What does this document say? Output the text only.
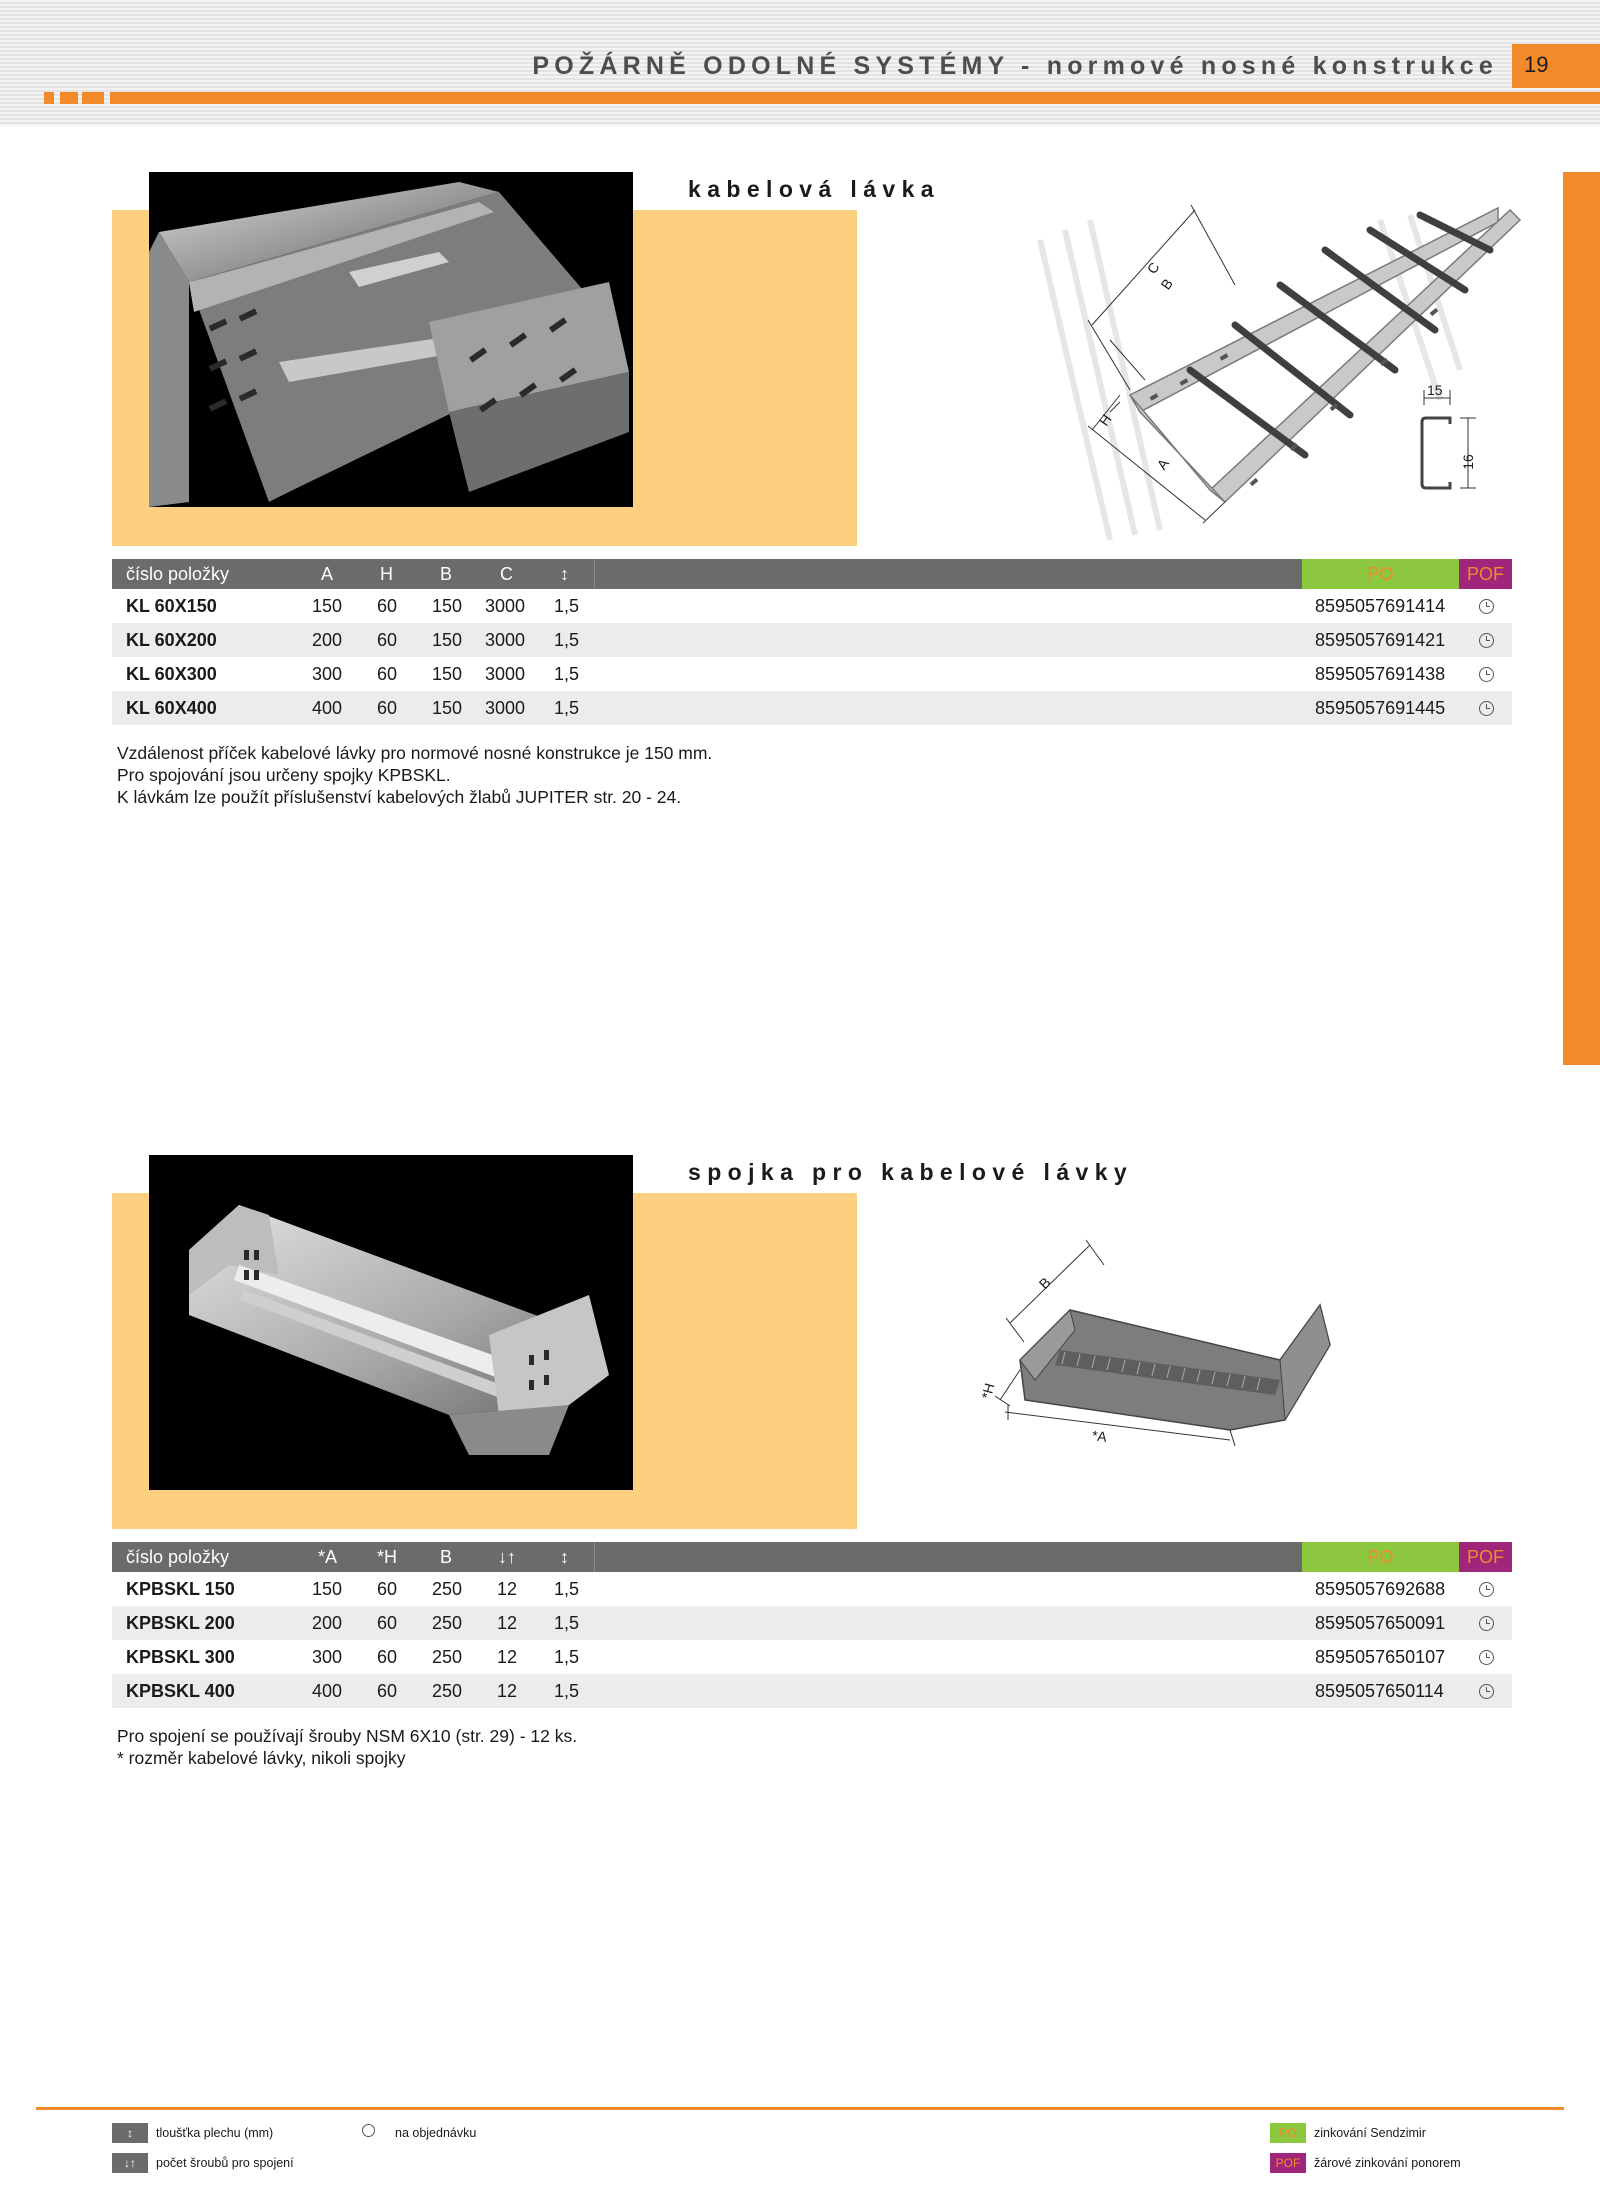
POŽÁRNĚ ODOLNÉ SYSTÉMY - normové nosné konstrukce 19
kabelová lávka
C
B
H
A
15
16
číslo položky	A	H	B	C	↕	PO	POF
KL 60X150	150 60 150 3000 1,5	8595057691414
KL 60X200	200 60 150 3000 1,5	8595057691421
KL 60X300	300 60 150 3000 1,5	8595057691438
KL 60X400	400 60 150 3000 1,5	8595057691445
Vzdálenost příček kabelové lávky pro normové nosné konstrukce je 150 mm.
Pro spojování jsou určeny spojky KPBSKL.
K lávkám lze použít příslušenství kabelových žlabů JUPITER str. 20 - 24.
spojka pro kabelové lávky
B
*H
*A
číslo položky	*A *H B	↓↑ ↕	PO	POF
KPBSKL 150	150 60 250 12 1,5	8595057692688
KPBSKL 200	200 60 250 12 1,5	8595057650091
KPBSKL 300	300 60 250 12 1,5	8595057650107
KPBSKL 400	400 60 250 12 1,5	8595057650114
Pro spojení se používají šrouby NSM 6X10 (str. 29) - 12 ks.
* rozměr kabelové lávky, nikoli spojky
↕	tloušťka plechu (mm)
↓↑	počet šroubů pro spojení
na objednávku	PO	zinkování Sendzimir
POF	žárové zinkování ponorem
